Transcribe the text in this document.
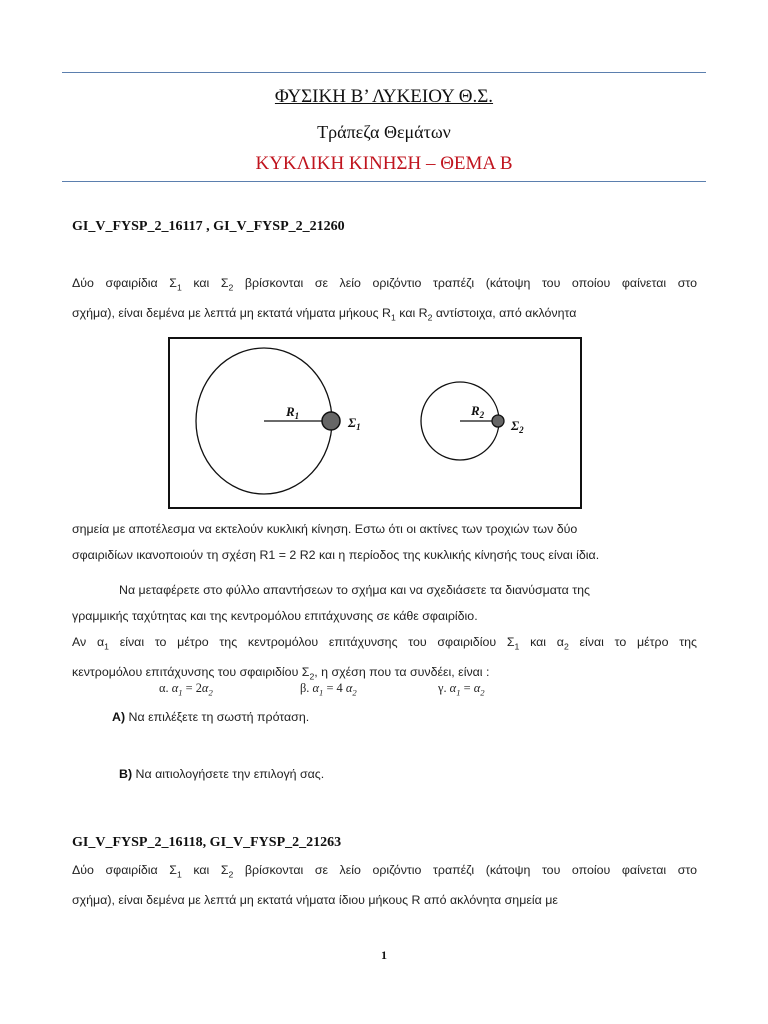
ΦΥΣΙΚΗ Β’ ΛΥΚΕΙΟΥ Θ.Σ.
Τράπεζα Θεμάτων
ΚΥΚΛΙΚΗ ΚΙΝΗΣΗ – ΘΕΜΑ Β
GI_V_FYSP_2_16117 , GI_V_FYSP_2_21260
Δύο σφαιρίδια $\Sigma_1$ και $\Sigma_2$ βρίσκονται σε λείο οριζόντιο τραπέζι (κάτοψη του οποίου φαίνεται στο
σχήμα), είναι δεμένα με λεπτά μη εκτατά νήματα μήκους $R_1$ και $R_2$ αντίστοιχα, από ακλόνητα
$R_1$	$\Sigma_1$
$R_2$
$\Sigma_2$
σημεία με αποτέλεσμα να εκτελούν κυκλική κίνηση. Εστω ότι οι ακτίνες των τροχιών των δύο
σφαιριδίων ικανοποιούν τη σχέση R1 = 2 R2 και η περίοδος της κυκλικής κίνησής τους είναι ίδια.
Να μεταφέρετε στο φύλλο απαντήσεων το σχήμα και να σχεδιάσετε τα διανύσματα της
γραμμικής ταχύτητας και της κεντρομόλου επιτάχυνσης σε κάθε σφαιρίδιο.
Αν $\alpha_1$ είναι το μέτρο της κεντρομόλου επιτάχυνσης του σφαιριδίου $\Sigma_1$ και $\alpha_2$ είναι το μέτρο της
κεντρομόλου επιτάχυνσης του σφαιριδίου $\Sigma_2$, η σχέση που τα συνδέει, είναι :
α. $\alpha_1 = 2\alpha_2$	β. $\alpha_1 = 4$ $\alpha_2$	γ. $\alpha_1 = \alpha_2$
Α) Να επιλέξετε τη σωστή πρόταση.
Β) Να αιτιολογήσετε την επιλογή σας.
GI_V_FYSP_2_16118, GI_V_FYSP_2_21263
Δύο σφαιρίδια $\Sigma_1$ και $\Sigma_2$ βρίσκονται σε λείο οριζόντιο τραπέζι (κάτοψη του οποίου φαίνεται στο
σχήμα), είναι δεμένα με λεπτά μη εκτατά νήματα ίδιου μήκους R από ακλόνητα σημεία με
1
